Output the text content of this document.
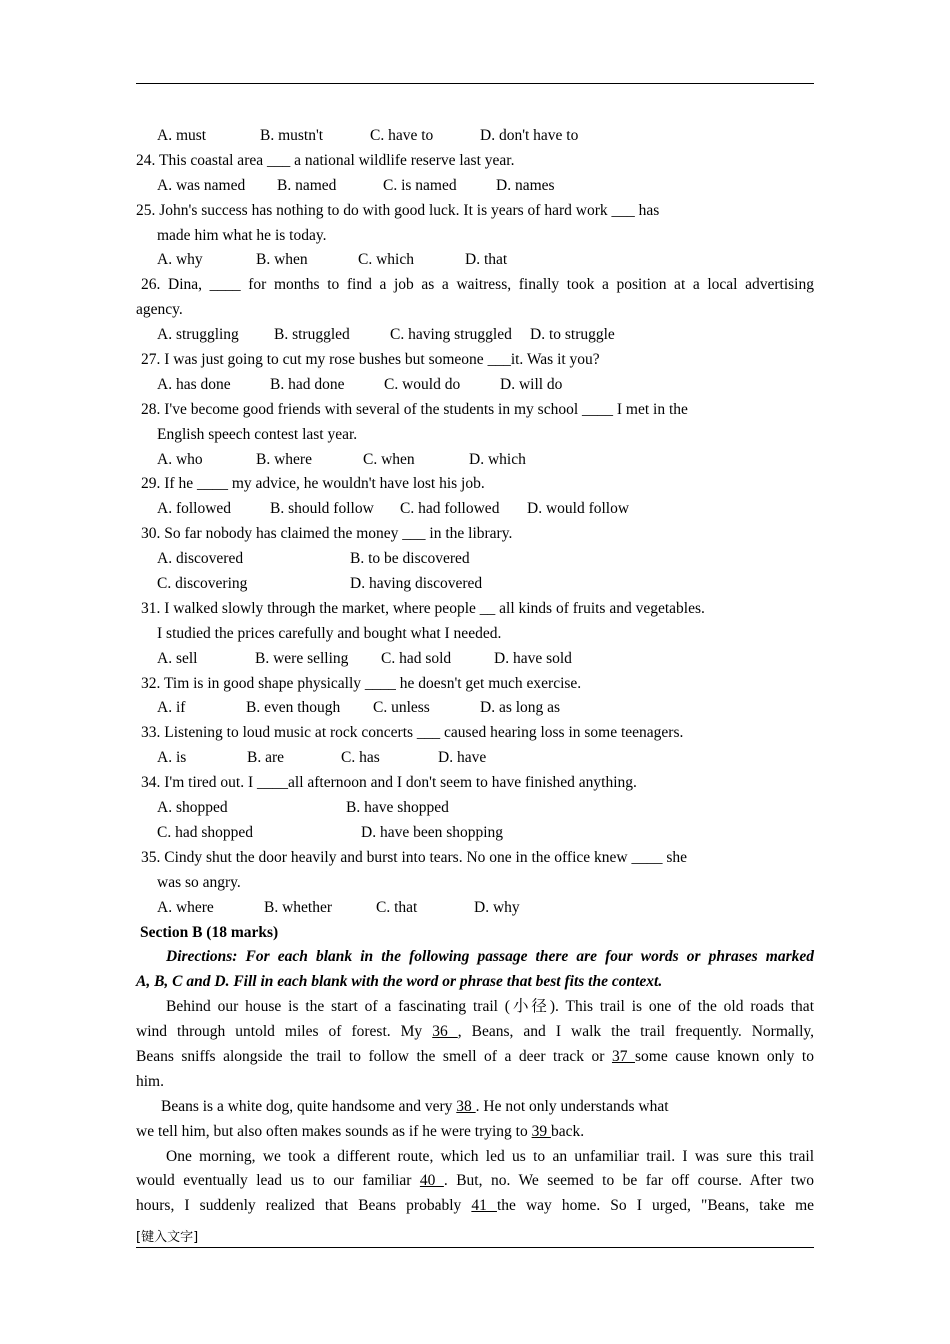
A. must	B. mustn't	C. have to	D. don't have to
24. This coastal area ___ a national wildlife reserve last year.
A. was named B. named	C. is named	D. names
25. John's success has nothing to do with good luck. It is years of hard work ___ has
made him what he is today.
A. why	B. when	C. which	D. that
26. Dina, ____ for months to find a job as a waitress, finally took a position at a local advertising
agency.
A. struggling B. struggled	C. having struggled D. to struggle
27. I was just going to cut my rose bushes but someone ___it. Was it you?
A. has done	B. had done	C. would do	D. will do
28. I've become good friends with several of the students in my school ____ I met in the
English speech contest last year.
A. who	B. where	C. when	D. which
29. If he ____ my advice, he wouldn't have lost his job.
A. followed	B. should follow C. had followed D. would follow
30. So far nobody has claimed the money ___ in the library.
A. discovered	B. to be discovered
C. discovering	D. having discovered
31. I walked slowly through the market, where people __ all kinds of fruits and vegetables.
I studied the prices carefully and bought what I needed.
A. sell	B. were selling C. had sold	D. have sold
32. Tim is in good shape physically ____ he doesn't get much exercise.
A. if	B. even though C. unless	D. as long as
33. Listening to loud music at rock concerts ___ caused hearing loss in some teenagers.
A. is	B. are	C. has	D. have
34. I'm tired out. I ____all afternoon and I don't seem to have finished anything.
A. shopped	B. have shopped
C. had shopped	D. have been shopping
35. Cindy shut the door heavily and burst into tears. No one in the office knew ____ she
was so angry.
A. where	B. whether	C. that	D. why
Section B (18 marks)
Directions: For each blank in the following passage there are four words or phrases marked
A, B, C and D. Fill in each blank with the word or phrase that best fits the context.
Behind our house is the start of a fascinating trail (小径). This trail is one of the old roads that
wind through untold miles of forest. My 36 , Beans, and I walk the trail frequently. Normally,
Beans sniffs alongside the trail to follow the smell of a deer track or 37 some cause known only to
him.
Beans is a white dog, quite handsome and very 38 . He not only understands what
we tell him, but also often makes sounds as if he were trying to 39 back.
One morning, we took a different route, which led us to an unfamiliar trail. I was sure this trail
would eventually lead us to our familiar 40 . But, no. We seemed to be far off course. After two
hours, I suddenly realized that Beans probably 41 the way home. So I urged, "Beans, take me
[键入文字]
